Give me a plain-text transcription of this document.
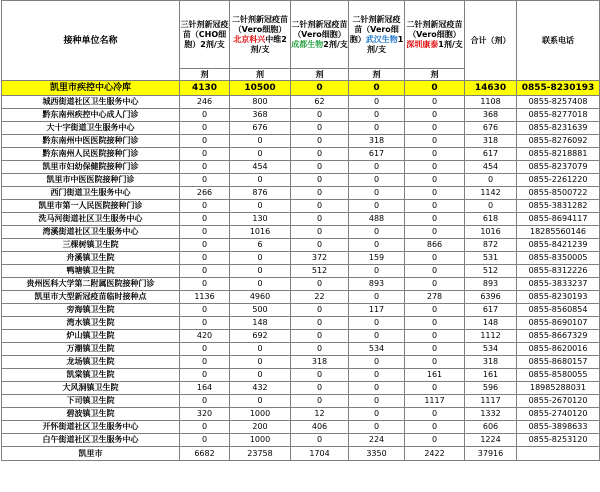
接种单位名称	三针剂新冠疫苗（CHO细胞）2剂/支	二针剂新冠疫苗（Vero细胞）北京科兴中维2剂/支	二针剂新冠疫苗（Vero细胞）成都生物2剂/支	二针剂新冠疫苗（Vero细胞）武汉生物1剂/支	二针剂新冠疫苗（Vero细胞）深圳康泰1剂/支	合计（剂）	联系电话
	剂	剂	剂	剂	剂		
凯里市疾控中心冷库	4130	10500	0	0	0	14630	0855-8230193
城西街道社区卫生服务中心	246	800	62	0	0	1108	0855-8257408
黔东南州疾控中心成人门诊	0	368	0	0	0	368	0855-8277018
大十字街道卫生服务中心	0	676	0	0	0	676	0855-8231639
黔东南州中医医院接种门诊	0	0	0	318	0	318	0855-8276092
黔东南州人民医院接种门诊	0	0	0	617	0	617	0855-8218881
凯里市妇幼保健院接种门诊	0	454	0	0	0	454	0855-8237079
凯里市中医医院接种门诊	0	0	0	0	0	0	0855-2261220
西门街道卫生服务中心	266	876	0	0	0	1142	0855-8500722
凯里市第一人民医院接种门诊	0	0	0	0	0	0	0855-3831282
洗马河街道社区卫生服务中心	0	130	0	488	0	618	0855-8694117
湾溪街道社区卫生服务中心	0	1016	0	0	0	1016	18285560146
三棵树镇卫生院	0	6	0	0	866	872	0855-8421239
舟溪镇卫生院	0	0	372	159	0	531	0855-8350005
鸭塘镇卫生院	0	0	512	0	0	512	0855-8312226
贵州医科大学第二附属医院接种门诊	0	0	0	893	0	893	0855-3833237
凯里市大型新冠疫苗临时接种点	1136	4960	22	0	278	6396	0855-8230193
旁海镇卫生院	0	500	0	117	0	617	0855-8560854
湾水镇卫生院	0	148	0	0	0	148	0855-8690107
炉山镇卫生院	420	692	0	0	0	1112	0855-8667329
万潮镇卫生院	0	0	0	534	0	534	0855-8620016
龙场镇卫生院	0	0	318	0	0	318	0855-8680157
凯棠镇卫生院	0	0	0	0	161	161	0855-8580055
大风洞镇卫生院	164	432	0	0	0	596	18985288031
下司镇卫生院	0	0	0	0	1117	1117	0855-2670120
碧波镇卫生院	320	1000	12	0	0	1332	0855-2740120
开怀街道社区卫生服务中心	0	200	406	0	0	606	0855-3898633
白午街道社区卫生服务中心	0	1000	0	224	0	1224	0855-8253120
凯里市	6682	23758	1704	3350	2422	37916	
